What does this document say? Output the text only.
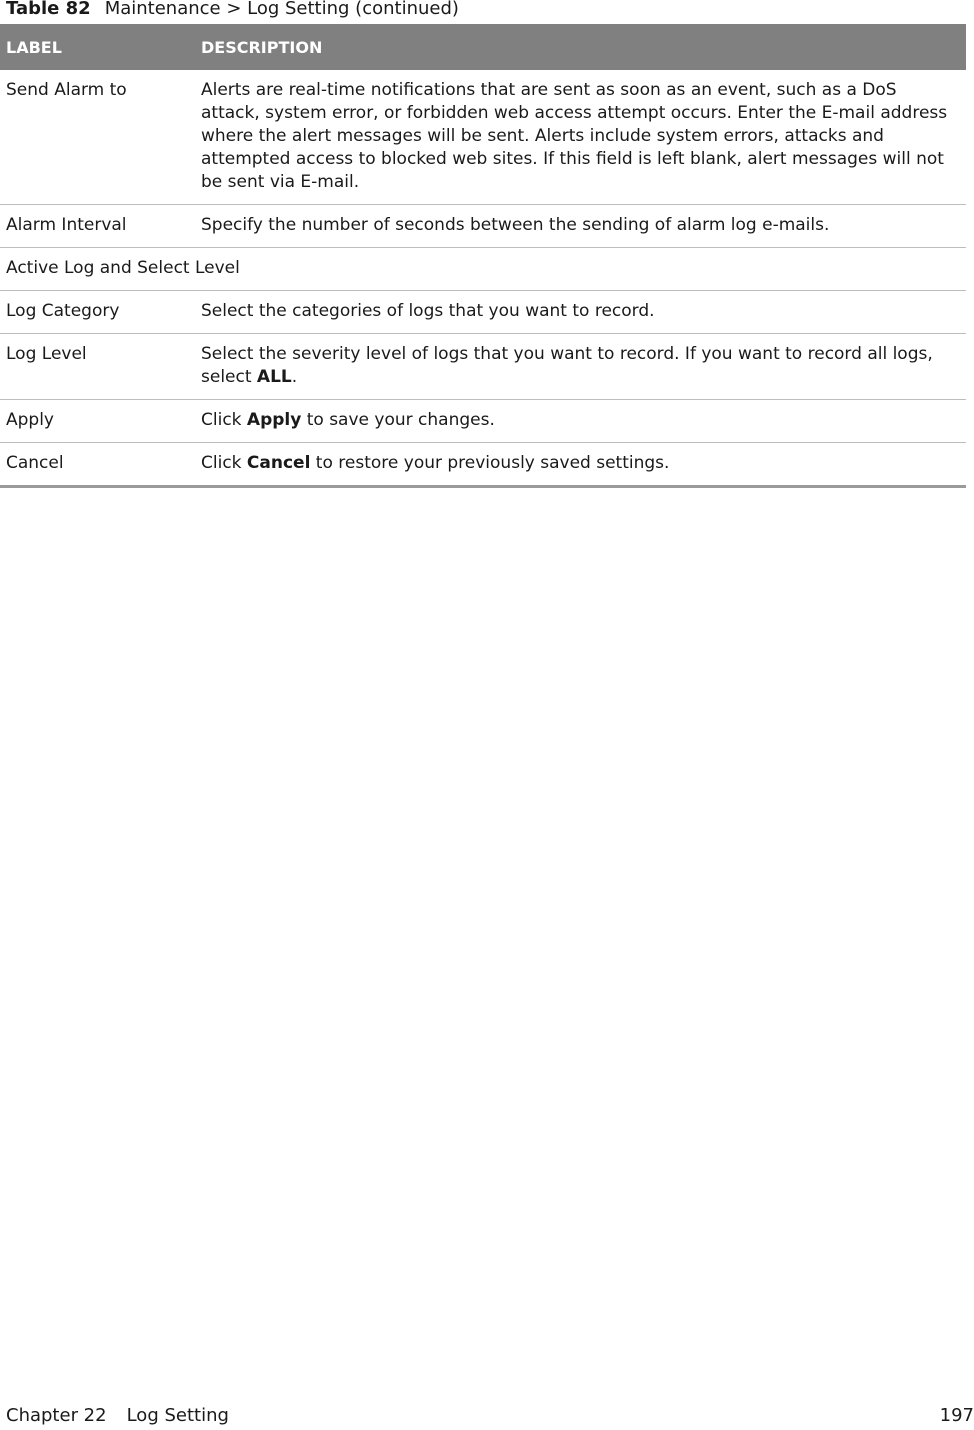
Table 82 Maintenance > Log Setting (continued)
LABEL	DESCRIPTION
Send Alarm to	Alerts are real-time notifications that are sent as soon as an event, such as a DoS attack, system error, or forbidden web access attempt occurs. Enter the E-mail address where the alert messages will be sent. Alerts include system errors, attacks and attempted access to blocked web sites. If this field is left blank, alert messages will not be sent via E-mail.
Alarm Interval	Specify the number of seconds between the sending of alarm log e-mails.
Active Log and Select Level	
Log Category	Select the categories of logs that you want to record.
Log Level	Select the severity level of logs that you want to record. If you want to record all logs, select ALL.
Apply	Click Apply to save your changes.
Cancel	Click Cancel to restore your previously saved settings.
Chapter 22 Log Setting	197
